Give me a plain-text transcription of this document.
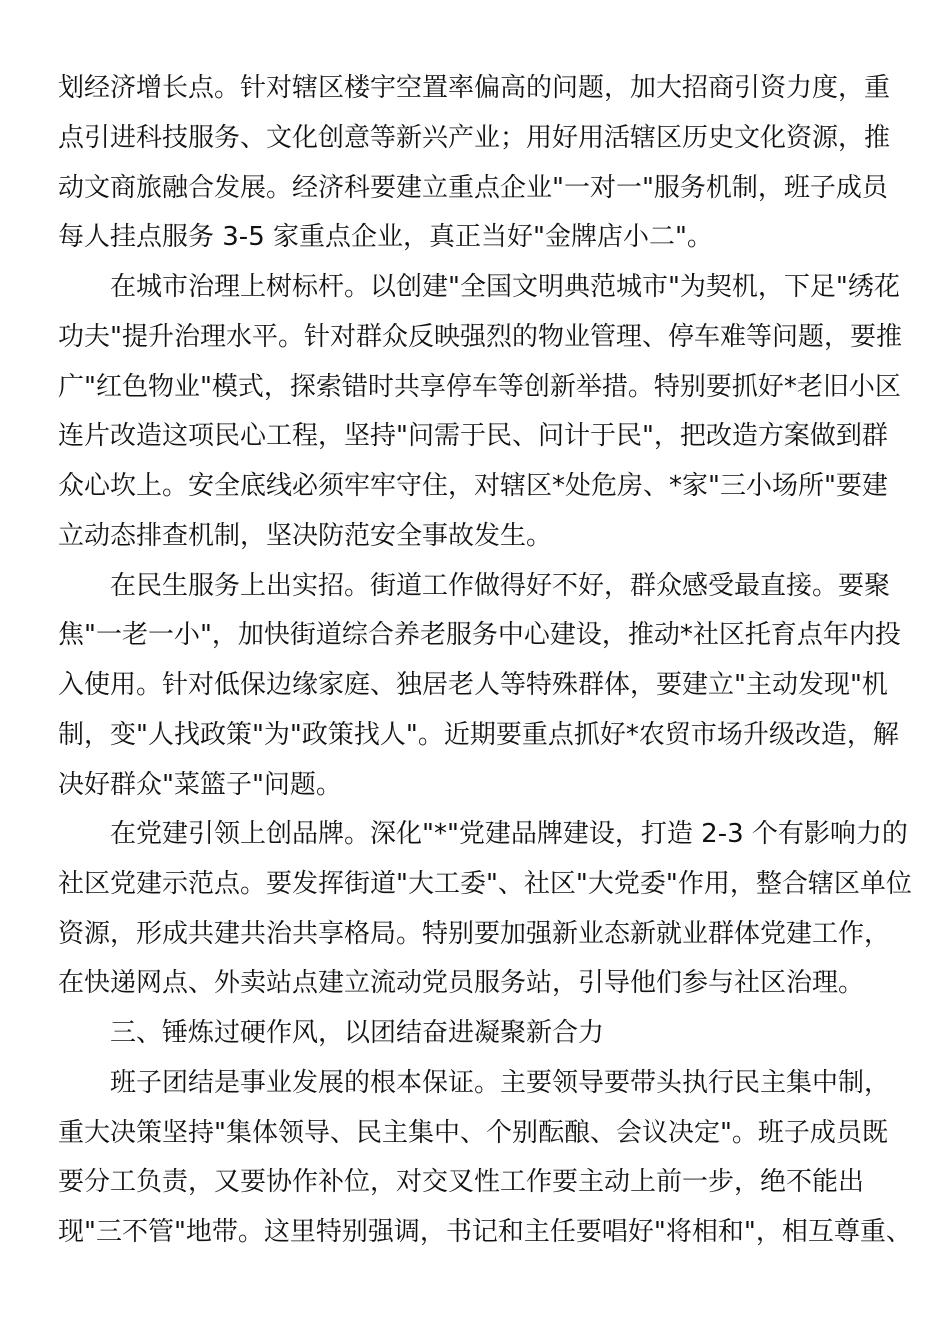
划经济增长点。针对辖区楼宇空置率偏高的问题，加大招商引资力度，重
点引进科技服务、文化创意等新兴产业；用好用活辖区历史文化资源，推
动文商旅融合发展。经济科要建立重点企业"一对一"服务机制，班子成员
每人挂点服务 3-5 家重点企业，真正当好"金牌店小二"。
在城市治理上树标杆。以创建"全国文明典范城市"为契机，下足"绣花
功夫"提升治理水平。针对群众反映强烈的物业管理、停车难等问题，要推
广"红色物业"模式，探索错时共享停车等创新举措。特别要抓好*老旧小区
连片改造这项民心工程，坚持"问需于民、问计于民"，把改造方案做到群
众心坎上。安全底线必须牢牢守住，对辖区*处危房、*家"三小场所"要建
立动态排查机制，坚决防范安全事故发生。
在民生服务上出实招。街道工作做得好不好，群众感受最直接。要聚
焦"一老一小"，加快街道综合养老服务中心建设，推动*社区托育点年内投
入使用。针对低保边缘家庭、独居老人等特殊群体，要建立"主动发现"机
制，变"人找政策"为"政策找人"。近期要重点抓好*农贸市场升级改造，解
决好群众"菜篮子"问题。
在党建引领上创品牌。深化"*"党建品牌建设，打造 2-3 个有影响力的
社区党建示范点。要发挥街道"大工委"、社区"大党委"作用，整合辖区单位
资源，形成共建共治共享格局。特别要加强新业态新就业群体党建工作，
在快递网点、外卖站点建立流动党员服务站，引导他们参与社区治理。
三、锤炼过硬作风，以团结奋进凝聚新合力
班子团结是事业发展的根本保证。主要领导要带头执行民主集中制，
重大决策坚持"集体领导、民主集中、个别酝酿、会议决定"。班子成员既
要分工负责，又要协作补位，对交叉性工作要主动上前一步，绝不能出
现"三不管"地带。这里特别强调，书记和主任要唱好"将相和"，相互尊重、
